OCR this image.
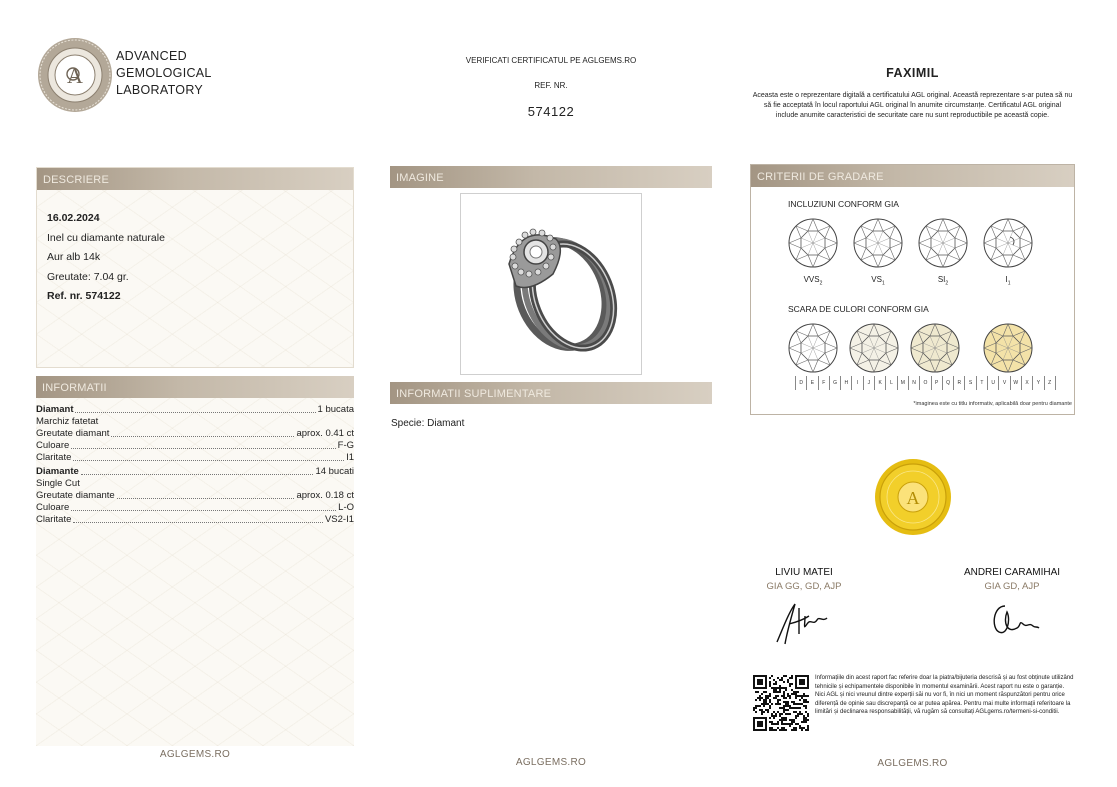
A
ADVANCED
GEMOLOGICAL
LABORATORY
VERIFICATI CERTIFICATUL PE AGLGEMS.RO
REF. NR.
574122
FAXIMIL
Aceasta este o reprezentare digitală a certificatului AGL original. Această reprezentare s-ar putea să nu să fie acceptată în locul raportului AGL original în anumite circumstanțe. Certificatul AGL original include anumite caracteristici de securitate care nu sunt reproductibile pe această copie.
DESCRIERE
16.02.2024
Inel cu diamante naturale
Aur alb 14k
Greutate: 7.04 gr.
Ref. nr. 574122
INFORMATII
Diamant	1 bucata
Marchiz fatetat
Greutate diamant	aprox. 0.41 ct
Culoare	F-G
Claritate	I1
Diamante	14 bucati
Single Cut
Greutate diamante	aprox. 0.18 ct
Culoare	L-O
Claritate	VS2-I1
AGLGEMS.RO
IMAGINE
INFORMATII SUPLIMENTARE
Specie: Diamant
AGLGEMS.RO
CRITERII DE GRADARE
INCLUZIUNI CONFORM GIA
$VVS_2$	$VS_1$	$SI_2$	$I_1$
SCARA DE CULORI CONFORM GIA
D	E	F	G	H	I	J	K	L	M	N	O	P	Q	R	S	T	U	V	W	X	Y	Z
*imaginea este cu titlu informativ, aplicabilă doar pentru diamante
A
LIVIU MATEI
GIA GG, GD, AJP
ANDREI CARAMIHAI
GIA GD, AJP
Informațiile din acest raport fac referire doar la piatra/bijuteria descrisă și au fost obținute utilizând tehnicile și echipamentele disponibile în momentul examinării. Acest raport nu este o garanție. Nici AGL și nici vreunul dintre experții săi nu vor fi, în nici un moment răspunzători pentru orice diferență de opinie sau discrepanță ce ar putea apărea. Pentru mai multe informații referitoare la limitări și declinarea responsabilității, vă rugăm să consultați AGLgems.ro/termeni-si-conditii.
AGLGEMS.RO
